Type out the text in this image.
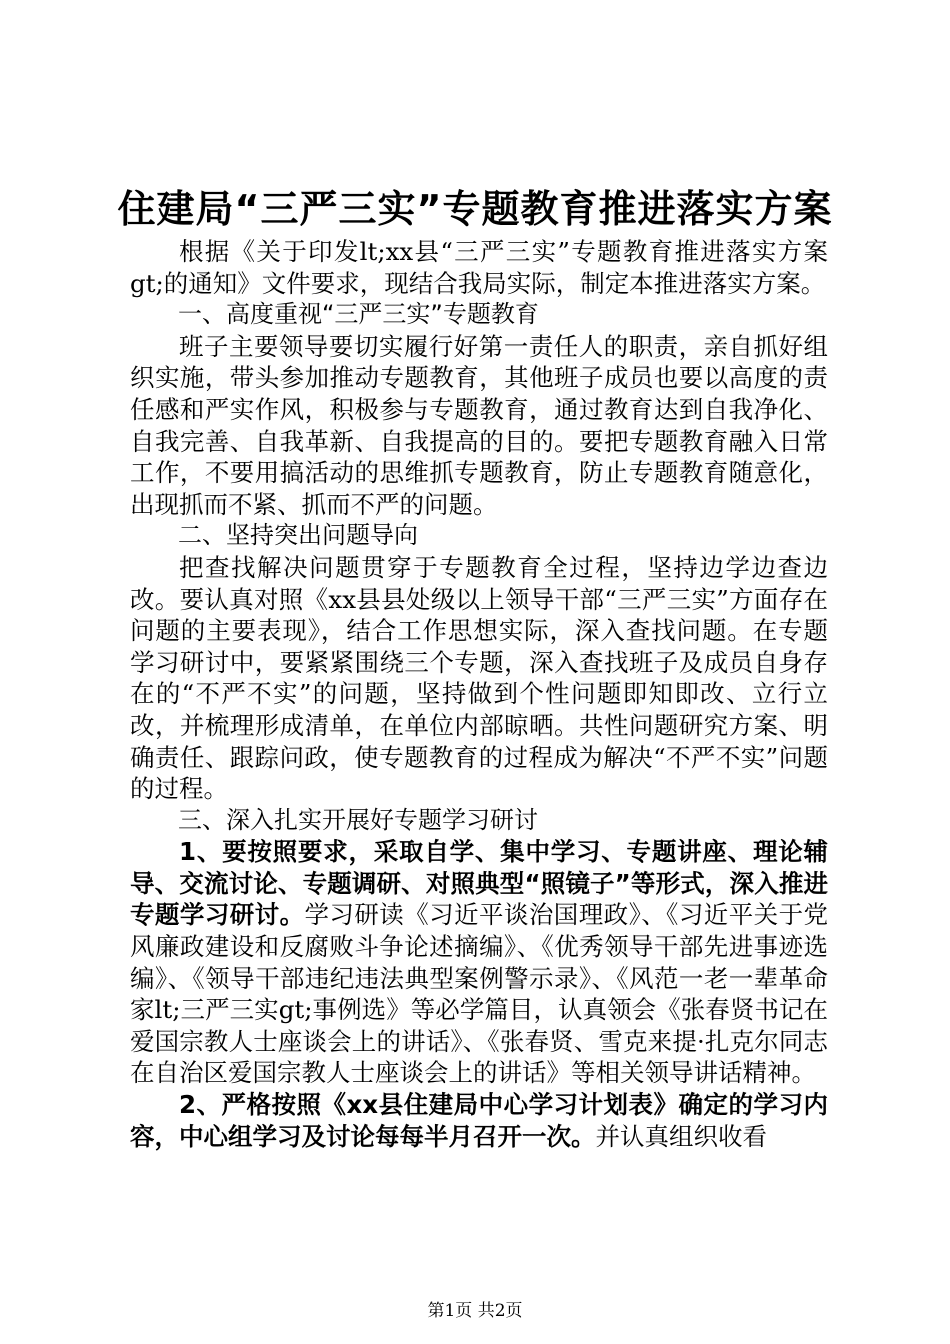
住建局“三严三实”专题教育推进落实方案

根据《关于印发lt;xx县“三严三实”专题教育推进落实方案gt;的通知》文件要求，现结合我局实际，制定本推进落实方案。

一、高度重视“三严三实”专题教育

班子主要领导要切实履行好第一责任人的职责，亲自抓好组织实施，带头参加推动专题教育，其他班子成员也要以高度的责任感和严实作风，积极参与专题教育，通过教育达到自我净化、自我完善、自我革新、自我提高的目的。要把专题教育融入日常工作，不要用搞活动的思维抓专题教育，防止专题教育随意化，出现抓而不紧、抓而不严的问题。

二、坚持突出问题导向

把查找解决问题贯穿于专题教育全过程，坚持边学边查边改。要认真对照《xx县县处级以上领导干部“三严三实”方面存在问题的主要表现》，结合工作思想实际，深入查找问题。在专题学习研讨中，要紧紧围绕三个专题，深入查找班子及成员自身存在的“不严不实”的问题，坚持做到个性问题即知即改、立行立改，并梳理形成清单，在单位内部晾晒。共性问题研究方案、明确责任、跟踪问政，使专题教育的过程成为解决“不严不实”问题的过程。

三、深入扎实开展好专题学习研讨

1、要按照要求，采取自学、集中学习、专题讲座、理论辅导、交流讨论、专题调研、对照典型“照镜子”等形式，深入推进专题学习研讨。学习研读《习近平谈治国理政》、《习近平关于党风廉政建设和反腐败斗争论述摘编》、《优秀领导干部先进事迹选编》、《领导干部违纪违法典型案例警示录》、《风范一老一辈革命家lt;三严三实gt;事例选》等必学篇目，认真领会《张春贤书记在爱国宗教人士座谈会上的讲话》、《张春贤、雪克来提·扎克尔同志在自治区爱国宗教人士座谈会上的讲话》等相关领导讲话精神。

2、严格按照《xx县住建局中心学习计划表》确定的学习内容，中心组学习及讨论每每半月召开一次。并认真组织收看

第1页 共2页
